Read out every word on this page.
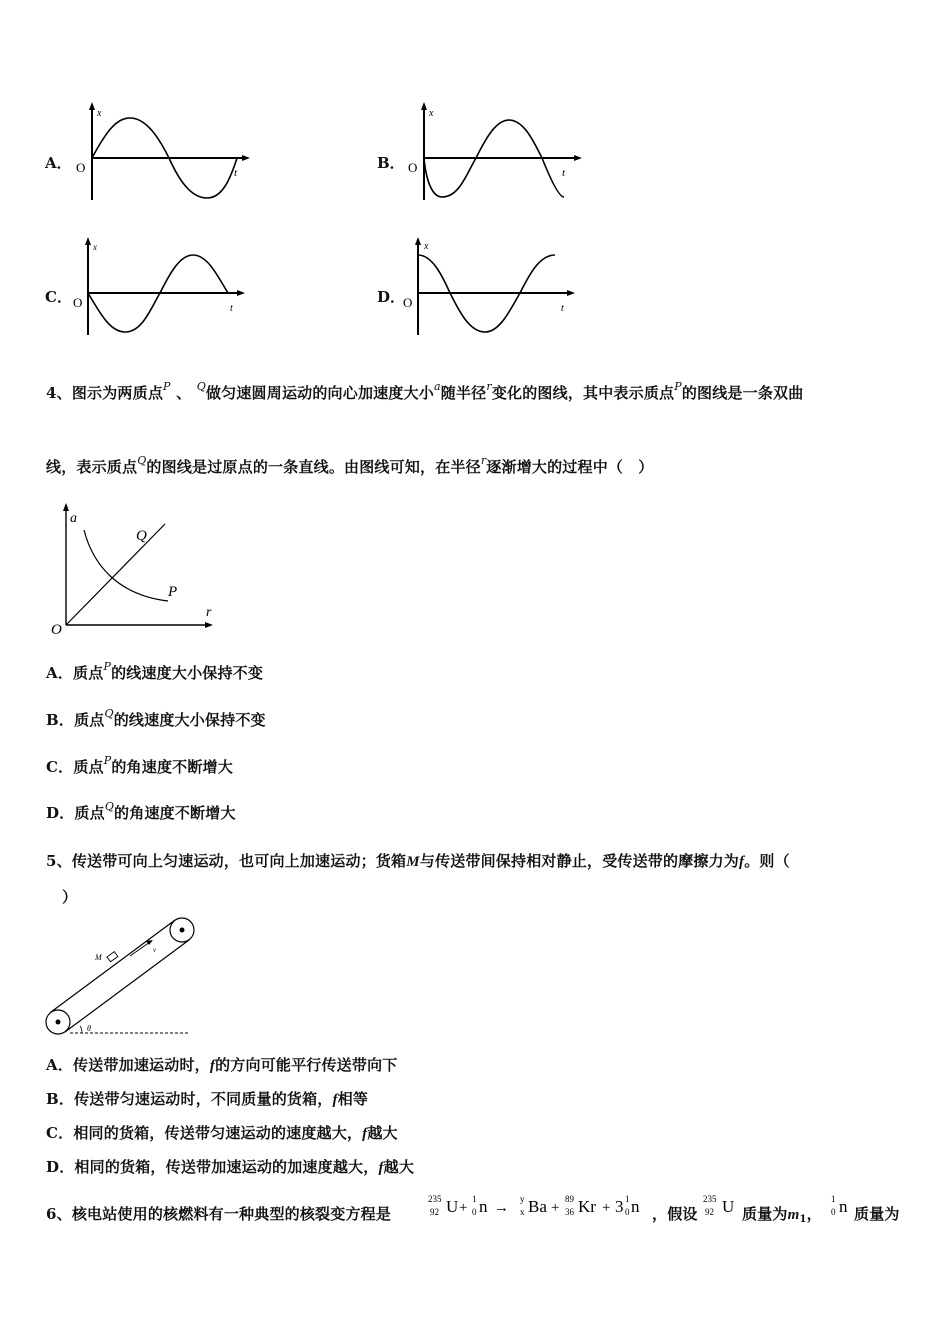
A．
x
t
O	B．
x
t
O
C．
x
t
O	D．
x
t
O
4、图示为两质点$^P$ 、 $^Q$做匀速圆周运动的向心加速度大小$^a$随半径$^r$变化的图线，其中表示质点$^P$的图线是一条双曲
线，表示质点$^Q$的图线是过原点的一条直线。由图线可知，在半径$^r$逐渐增大的过程中（　）
a
r
O
Q
P
A．质点$^P$的线速度大小保持不变
B．质点$^Q$的线速度大小保持不变
C．质点$^P$的角速度不断增大
D．质点$^Q$的角速度不断增大
5、传送带可向上匀速运动，也可向上加速运动；货箱M与传送带间保持相对静止，受传送带的摩擦力为f。则（
）
M
v
θ
A．传送带加速运动时，f的方向可能平行传送带向下
B．传送带匀速运动时，不同质量的货箱，f相等
C．相同的货箱，传送带匀速运动的速度越大，f越大
D．相同的货箱，传送带加速运动的加速度越大，f越大
6、核电站使用的核燃料有一种典型的核裂变方程是
235
92 U +
1
0 n →
y
x Ba +
89
36 Kr + 3 1
0 n ，假设
235
92 U 质量为$m_1$，
1
0 n 质量为
